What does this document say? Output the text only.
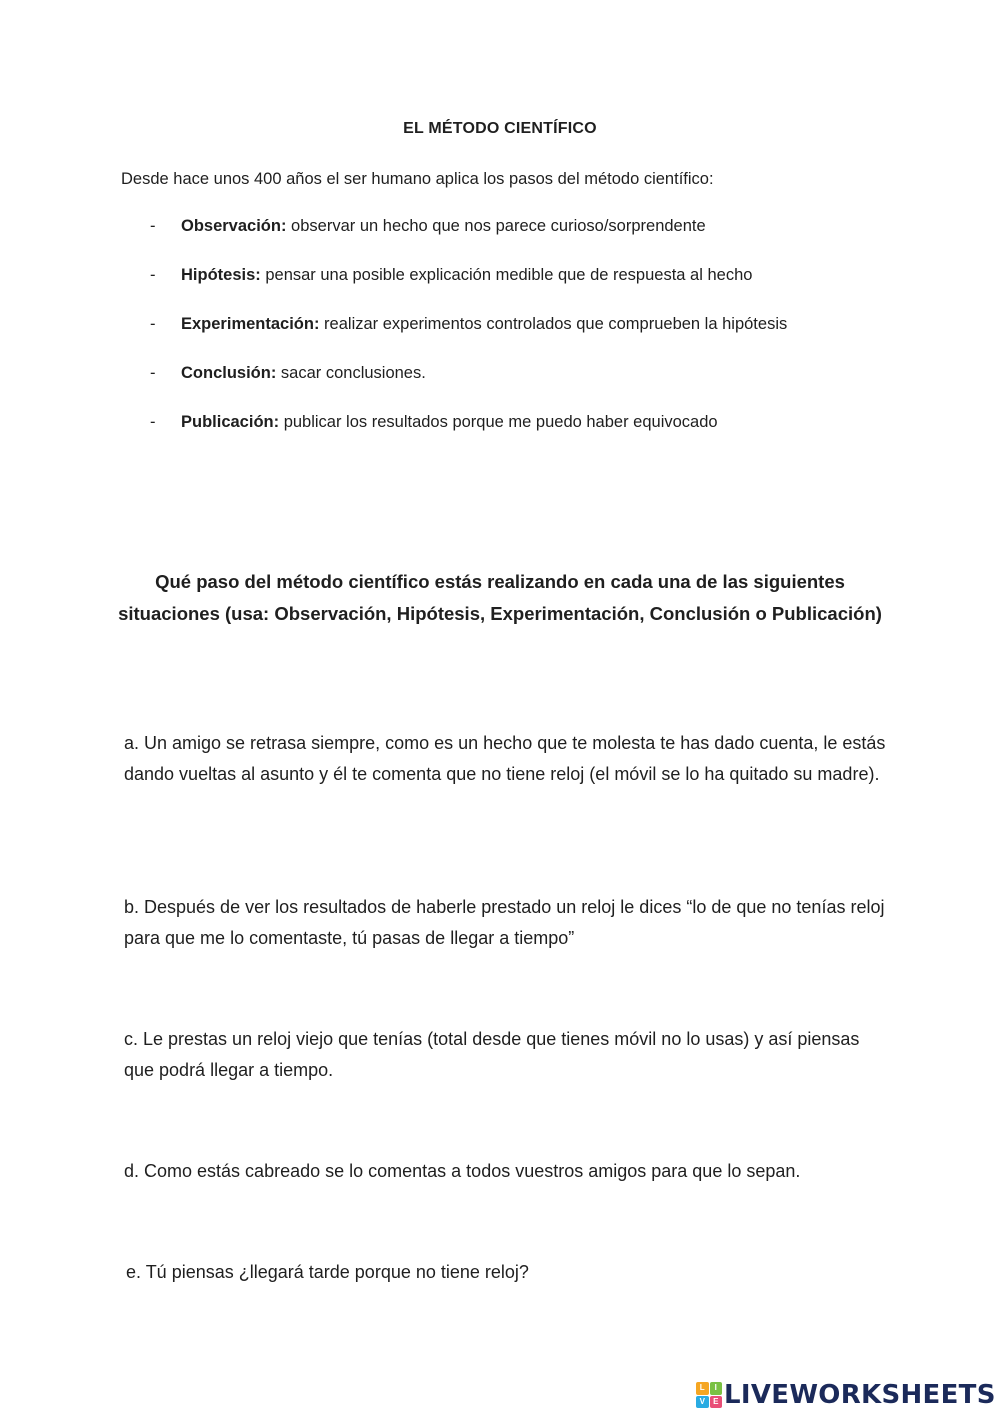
EL MÉTODO CIENTÍFICO
Desde hace unos 400 años el ser humano aplica los pasos del método científico:
-	Observación: observar un hecho que nos parece curioso/sorprendente
-	Hipótesis: pensar una posible explicación medible que de respuesta al hecho
-	Experimentación: realizar experimentos controlados que comprueben la hipótesis
-	Conclusión: sacar conclusiones.
-	Publicación: publicar los resultados porque me puedo haber equivocado
Qué paso del método científico estás realizando en cada una de las siguientes situaciones (usa: Observación, Hipótesis, Experimentación, Conclusión o Publicación)
a. Un amigo se retrasa siempre, como es un hecho que te molesta te has dado cuenta, le estás dando vueltas al asunto y él te comenta que no tiene reloj (el móvil se lo ha quitado su madre).
b. Después de ver los resultados de haberle prestado un reloj le dices “lo de que no tenías reloj para que me lo comentaste, tú pasas de llegar a tiempo”
c. Le prestas un reloj viejo que tenías (total desde que tienes móvil no lo usas) y así piensas que podrá llegar a tiempo.
d. Como estás cabreado se lo comentas a todos vuestros amigos para que lo sepan.
e. Tú piensas ¿llegará tarde porque no tiene reloj?
L	I
V	E LIVEWORKSHEETS
